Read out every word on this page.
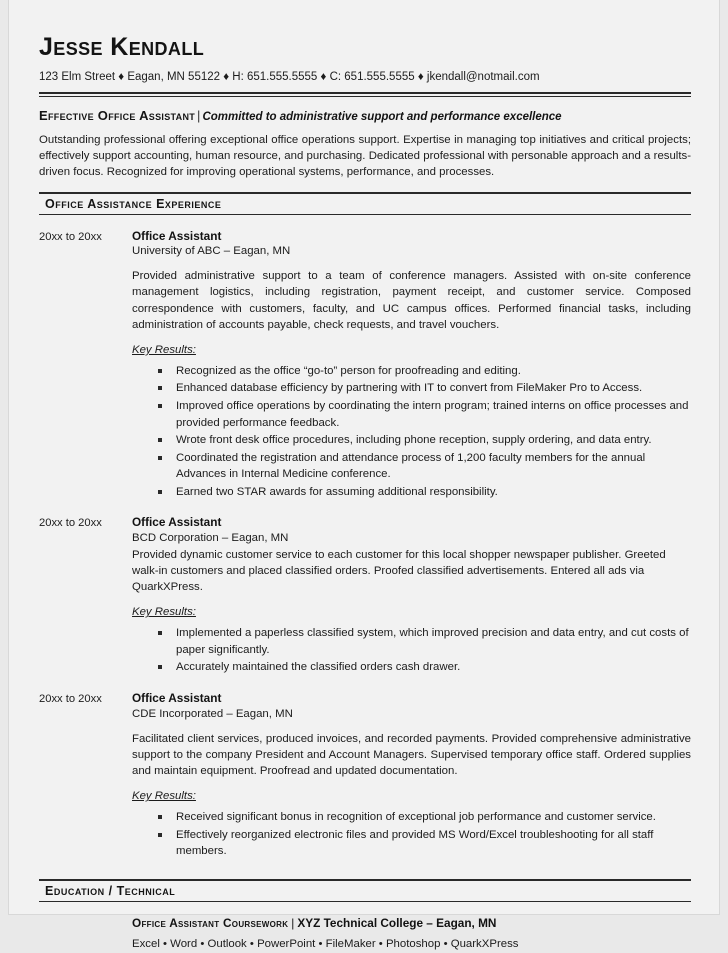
Jesse Kendall
123 Elm Street ♦ Eagan, MN 55122 ♦ H: 651.555.5555 ♦ C: 651.555.5555 ♦ jkendall@notmail.com
Effective Office Assistant | Committed to administrative support and performance excellence
Outstanding professional offering exceptional office operations support. Expertise in managing top initiatives and critical projects; effectively support accounting, human resource, and purchasing. Dedicated professional with personable approach and a results-driven focus. Recognized for improving operational systems, performance, and processes.
Office Assistance Experience
20xx to 20xx	Office Assistant
University of ABC – Eagan, MN
Provided administrative support to a team of conference managers. Assisted with on-site conference management logistics, including registration, payment receipt, and customer service. Composed correspondence with customers, faculty, and UC campus offices. Performed financial tasks, including administration of accounts payable, check requests, and travel vouchers.
Key Results:
Recognized as the office “go-to” person for proofreading and editing.
Enhanced database efficiency by partnering with IT to convert from FileMaker Pro to Access.
Improved office operations by coordinating the intern program; trained interns on office processes and provided performance feedback.
Wrote front desk office procedures, including phone reception, supply ordering, and data entry.
Coordinated the registration and attendance process of 1,200 faculty members for the annual Advances in Internal Medicine conference.
Earned two STAR awards for assuming additional responsibility.
20xx to 20xx	Office Assistant
BCD Corporation – Eagan, MN
Provided dynamic customer service to each customer for this local shopper newspaper publisher. Greeted walk-in customers and placed classified orders. Proofed classified advertisements. Entered all ads via QuarkXPress.
Key Results:
Implemented a paperless classified system, which improved precision and data entry, and cut costs of paper significantly.
Accurately maintained the classified orders cash drawer.
20xx to 20xx	Office Assistant
CDE Incorporated – Eagan, MN
Facilitated client services, produced invoices, and recorded payments. Provided comprehensive administrative support to the company President and Account Managers. Supervised temporary office staff. Ordered supplies and maintain equipment. Proofread and updated documentation.
Key Results:
Received significant bonus in recognition of exceptional job performance and customer service.
Effectively reorganized electronic files and provided MS Word/Excel troubleshooting for all staff members.
Education / Technical
Office Assistant Coursework | XYZ Technical College – Eagan, MN
Excel • Word • Outlook • PowerPoint • FileMaker • Photoshop • QuarkXPress
